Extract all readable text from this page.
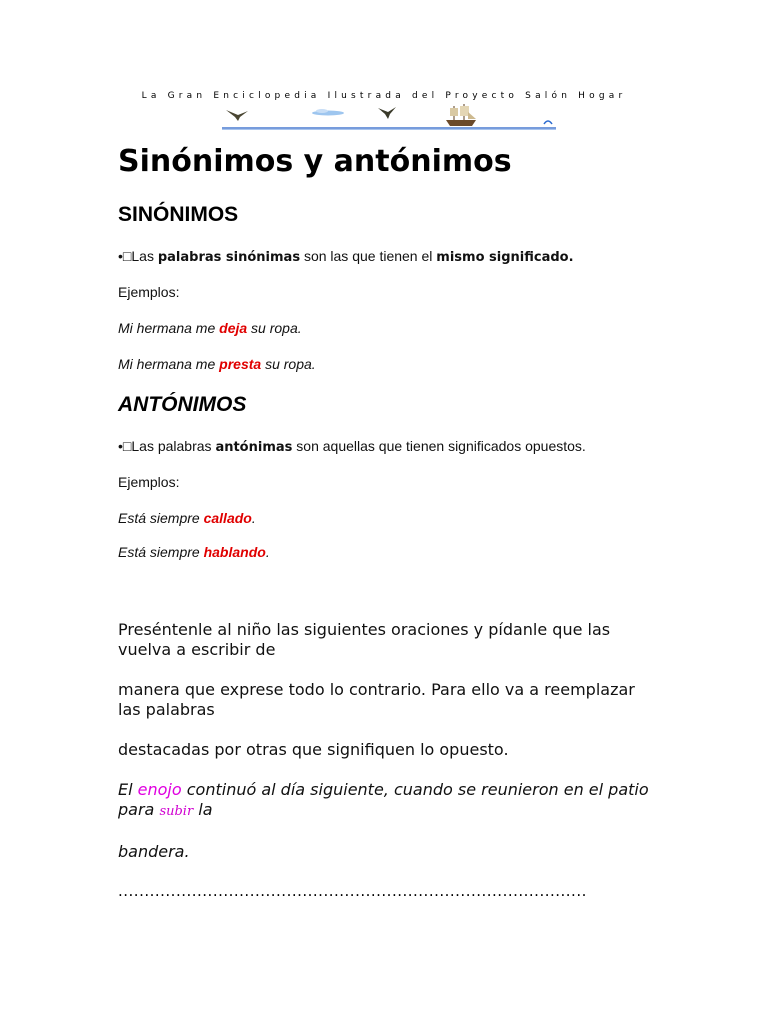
La Gran Enciclopedia Ilustrada del Proyecto Salón Hogar
Sinónimos y antónimos
SINÓNIMOS
•□Las palabras sinónimas son las que tienen el mismo significado.
Ejemplos:
Mi hermana me deja su ropa.
Mi hermana me presta su ropa.
ANTÓNIMOS
•□Las palabras antónimas son aquellas que tienen significados opuestos.
Ejemplos:
Está siempre callado.
Está siempre hablando.
Preséntenle al niño las siguientes oraciones y pídanle que las vuelva a escribir de
manera que exprese todo lo contrario. Para ello va a reemplazar las palabras
destacadas por otras que signifiquen lo opuesto.
El enojo continuó al día siguiente, cuando se reunieron en el patio para subir la
bandera.
.........................................................................................
